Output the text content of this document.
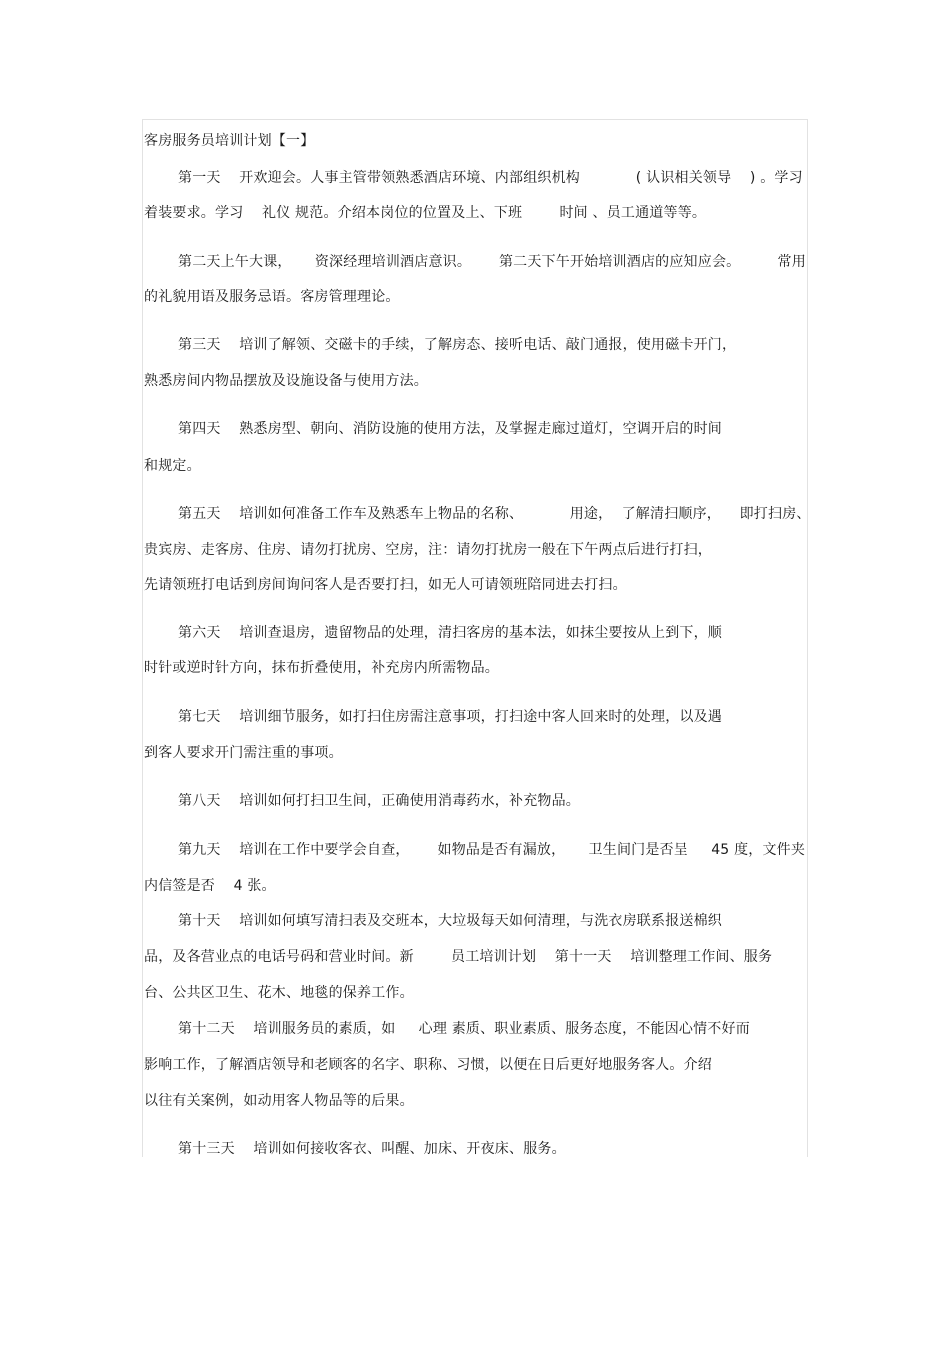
客房服务员培训计划【一】
第一天    开欢迎会。人事主管带领熟悉酒店环境、内部组织机构            ( 认识相关领导    ) 。学习
着装要求。学习    礼仪 规范。介绍本岗位的位置及上、下班        时间 、员工通道等等。
第二天上午大课，     资深经理培训酒店意识。      第二天下午开始培训酒店的应知应会。        常用
的礼貌用语及服务忌语。客房管理理论。
第三天    培训了解领、交磁卡的手续，了解房态、接听电话、敲门通报，使用磁卡开门，
熟悉房间内物品摆放及设施设备与使用方法。
第四天    熟悉房型、朝向、消防设施的使用方法，及掌握走廊过道灯，空调开启的时间
和规定。
第五天    培训如何准备工作车及熟悉车上物品的名称、          用途，  了解清扫顺序，    即打扫房、
贵宾房、走客房、住房、请勿打扰房、空房，注：请勿打扰房一般在下午两点后进行打扫，
先请领班打电话到房间询问客人是否要打扫，如无人可请领班陪同进去打扫。
第六天    培训查退房，遗留物品的处理，清扫客房的基本法，如抹尘要按从上到下，顺
时针或逆时针方向，抹布折叠使用，补充房内所需物品。
第七天    培训细节服务，如打扫住房需注意事项，打扫途中客人回来时的处理，以及遇
到客人要求开门需注重的事项。
第八天    培训如何打扫卫生间，正确使用消毒药水，补充物品。
第九天    培训在工作中要学会自查，      如物品是否有漏放，     卫生间门是否呈     45 度，文件夹
内信签是否    4 张。
第十天    培训如何填写清扫表及交班本，大垃圾每天如何清理，与洗衣房联系报送棉织
品，及各营业点的电话号码和营业时间。新        员工培训计划    第十一天    培训整理工作间、服务
台、公共区卫生、花木、地毯的保养工作。
第十二天    培训服务员的素质，如     心理 素质、职业素质、服务态度，不能因心情不好而
影响工作，了解酒店领导和老顾客的名字、职称、习惯，以便在日后更好地服务客人。介绍
以往有关案例，如动用客人物品等的后果。
第十三天    培训如何接收客衣、叫醒、加床、开夜床、服务。
